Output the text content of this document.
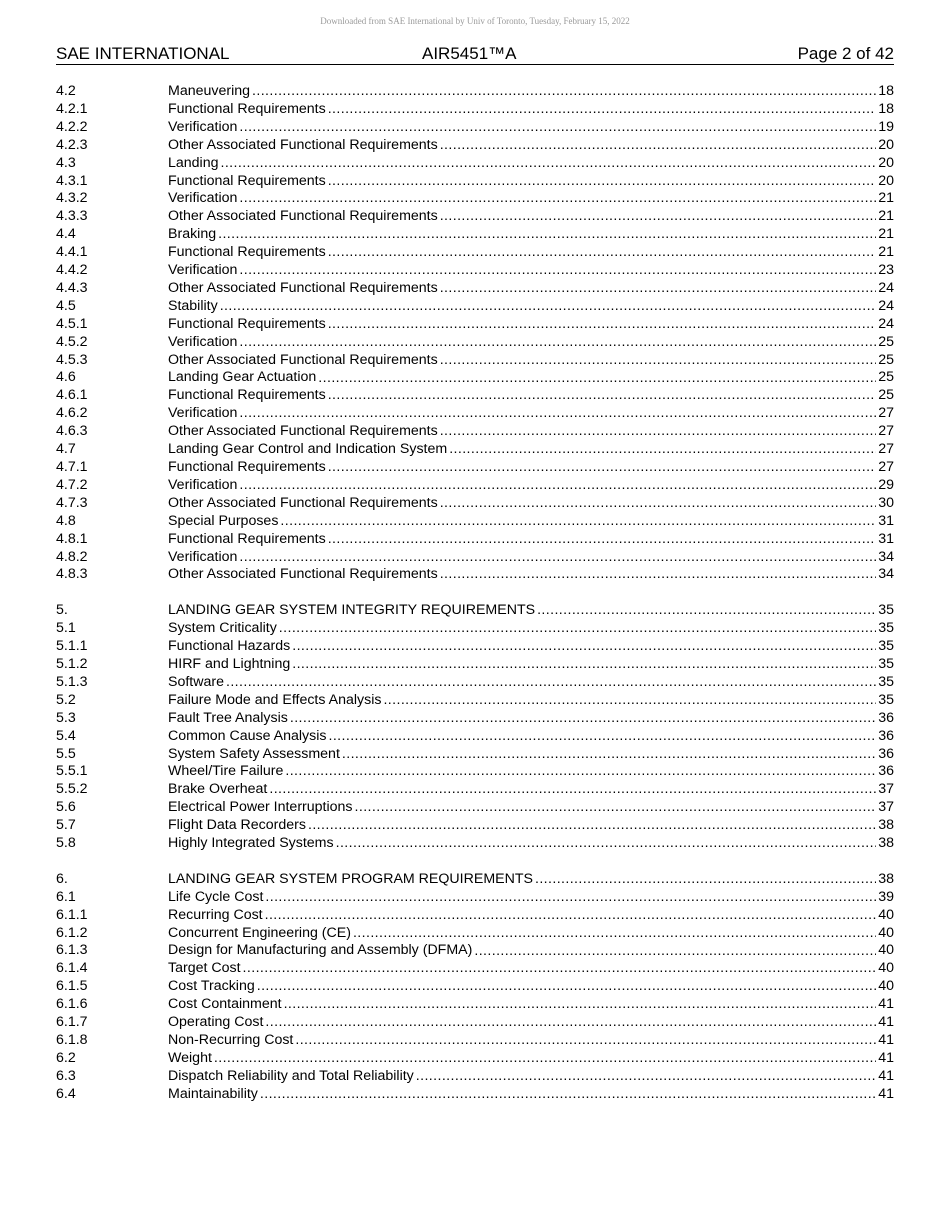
Downloaded from SAE International by Univ of Toronto, Tuesday, February 15, 2022
SAE INTERNATIONAL	AIR5451™A	Page 2 of 42
4.2	Maneuvering .....	18
4.2.1	Functional Requirements .....	18
4.2.2	Verification .....	19
4.2.3	Other Associated Functional Requirements .....	20
4.3	Landing .....	20
4.3.1	Functional Requirements .....	20
4.3.2	Verification .....	21
4.3.3	Other Associated Functional Requirements .....	21
4.4	Braking .....	21
4.4.1	Functional Requirements .....	21
4.4.2	Verification .....	23
4.4.3	Other Associated Functional Requirements .....	24
4.5	Stability .....	24
4.5.1	Functional Requirements .....	24
4.5.2	Verification .....	25
4.5.3	Other Associated Functional Requirements .....	25
4.6	Landing Gear Actuation .....	25
4.6.1	Functional Requirements .....	25
4.6.2	Verification .....	27
4.6.3	Other Associated Functional Requirements .....	27
4.7	Landing Gear Control and Indication System .....	27
4.7.1	Functional Requirements .....	27
4.7.2	Verification .....	29
4.7.3	Other Associated Functional Requirements .....	30
4.8	Special Purposes .....	31
4.8.1	Functional Requirements .....	31
4.8.2	Verification .....	34
4.8.3	Other Associated Functional Requirements .....	34
5.	LANDING GEAR SYSTEM INTEGRITY REQUIREMENTS .....	35
5.1	System Criticality .....	35
5.1.1	Functional Hazards .....	35
5.1.2	HIRF and Lightning .....	35
5.1.3	Software .....	35
5.2	Failure Mode and Effects Analysis .....	35
5.3	Fault Tree Analysis .....	36
5.4	Common Cause Analysis .....	36
5.5	System Safety Assessment .....	36
5.5.1	Wheel/Tire Failure .....	36
5.5.2	Brake Overheat .....	37
5.6	Electrical Power Interruptions .....	37
5.7	Flight Data Recorders .....	38
5.8	Highly Integrated Systems .....	38
6.	LANDING GEAR SYSTEM PROGRAM REQUIREMENTS .....	38
6.1	Life Cycle Cost .....	39
6.1.1	Recurring Cost .....	40
6.1.2	Concurrent Engineering (CE) .....	40
6.1.3	Design for Manufacturing and Assembly (DFMA) .....	40
6.1.4	Target Cost .....	40
6.1.5	Cost Tracking .....	40
6.1.6	Cost Containment .....	41
6.1.7	Operating Cost .....	41
6.1.8	Non-Recurring Cost .....	41
6.2	Weight .....	41
6.3	Dispatch Reliability and Total Reliability .....	41
6.4	Maintainability .....	41
